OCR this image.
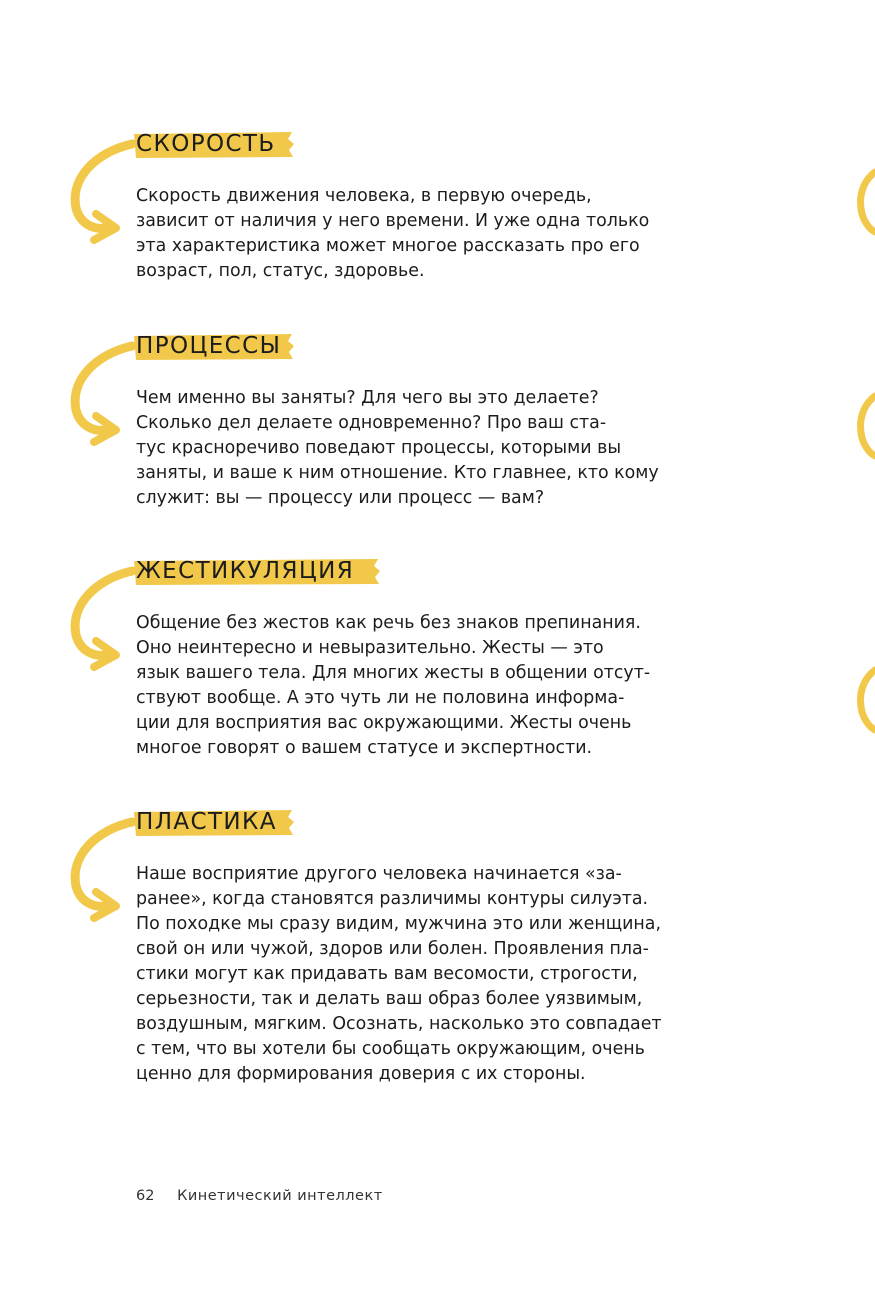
СКОРОСТЬ
Скорость движения человека, в первую очередь,
зависит от наличия у него времени. И уже одна только
эта характеристика может многое рассказать про его
возраст, пол, статус, здоровье.
ПРОЦЕССЫ
Чем именно вы заняты? Для чего вы это делаете?
Сколько дел делаете одновременно? Про ваш ста-
тус красноречиво поведают процессы, которыми вы
заняты, и ваше к ним отношение. Кто главнее, кто кому
служит: вы — процессу или процесс — вам?
ЖЕСТИКУЛЯЦИЯ
Общение без жестов как речь без знаков препинания.
Оно неинтересно и невыразительно. Жесты — это
язык вашего тела. Для многих жесты в общении отсут-
ствуют вообще. А это чуть ли не половина информа-
ции для восприятия вас окружающими. Жесты очень
многое говорят о вашем статусе и экспертности.
ПЛАСТИКА
Наше восприятие другого человека начинается «за-
ранее», когда становятся различимы контуры силуэта.
По походке мы сразу видим, мужчина это или женщина,
свой он или чужой, здоров или болен. Проявления пла-
стики могут как придавать вам весомости, строгости,
серьезности, так и делать ваш образ более уязвимым,
воздушным, мягким. Осознать, насколько это совпадает
с тем, что вы хотели бы сообщать окружающим, очень
ценно для формирования доверия с их стороны.
62 Кинетический интеллект
